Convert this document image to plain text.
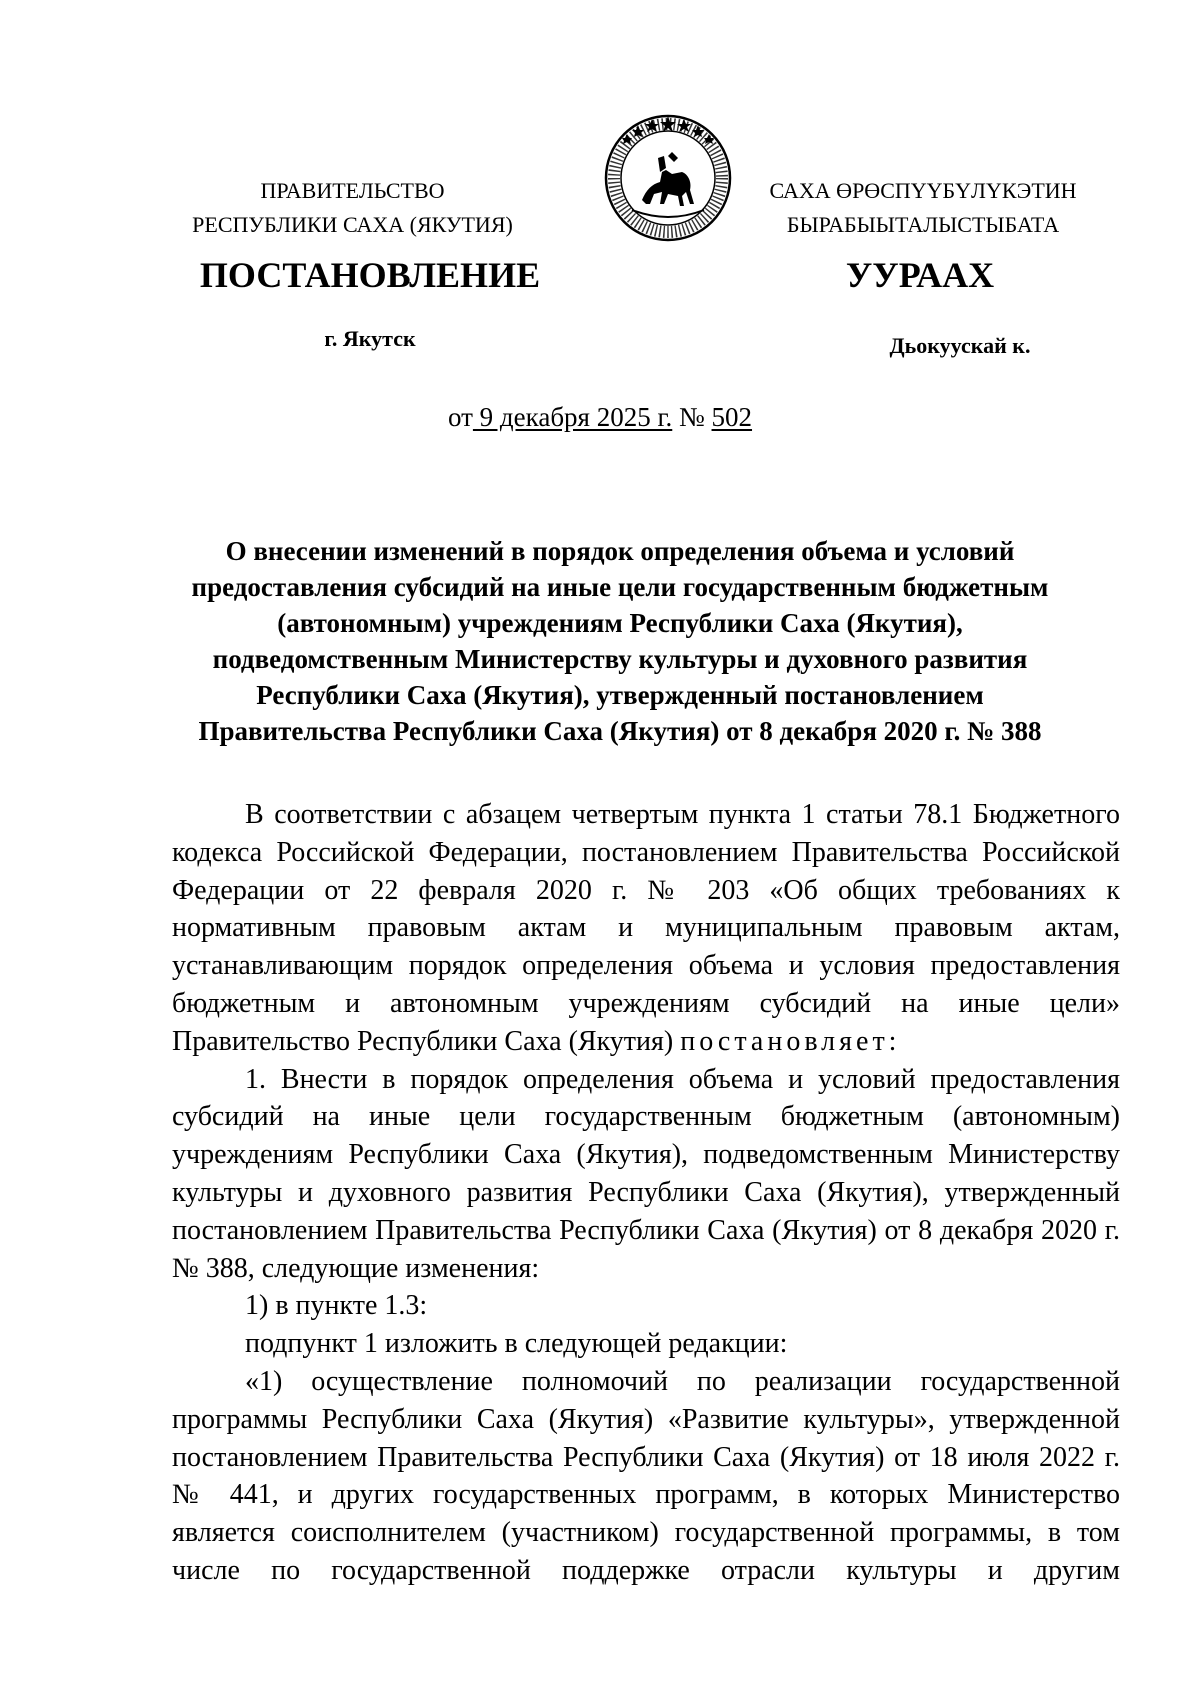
ПРАВИТЕЛЬСТВО
РЕСПУБЛИКИ САХА (ЯКУТИЯ)
САХА ӨРӨСПҮҮБҮЛҮКЭТИН
БЫРАБЫЫТАЛЫСТЫБАТА
ПОСТАНОВЛЕНИЕ	УУРААХ
г. Якутск	Дьокуускай к.
от 9 декабря 2025 г. № 502
О внесении изменений в порядок определения объема и условий
предоставления субсидий на иные цели государственным бюджетным
(автономным) учреждениям Республики Саха (Якутия),
подведомственным Министерству культуры и духовного развития
Республики Саха (Якутия), утвержденный постановлением
Правительства Республики Саха (Якутия) от 8 декабря 2020 г. № 388

В соответствии с абзацем четвертым пункта 1 статьи 78.1 Бюджетного кодекса Российской Федерации, постановлением Правительства Российской Федерации от 22 февраля 2020 г. № 203 «Об общих требованиях к нормативным правовым актам и муниципальным правовым актам, устанавливающим порядок определения объема и условия предоставления бюджетным и автономным учреждениям субсидий на иные цели» Правительство Республики Саха (Якутия) постановляет:

1. Внести в порядок определения объема и условий предоставления субсидий на иные цели государственным бюджетным (автономным) учреждениям Республики Саха (Якутия), подведомственным Министерству культуры и духовного развития Республики Саха (Якутия), утвержденный постановлением Правительства Республики Саха (Якутия) от 8 декабря 2020 г. № 388, следующие изменения:

1) в пункте 1.3:

подпункт 1 изложить в следующей редакции:

«1) осуществление полномочий по реализации государственной программы Республики Саха (Якутия) «Развитие культуры», утвержденной постановлением Правительства Республики Саха (Якутия) от 18 июля 2022 г. № 441, и других государственных программ, в которых Министерство является соисполнителем (участником) государственной программы, в том числе по государственной поддержке отрасли культуры и другим
